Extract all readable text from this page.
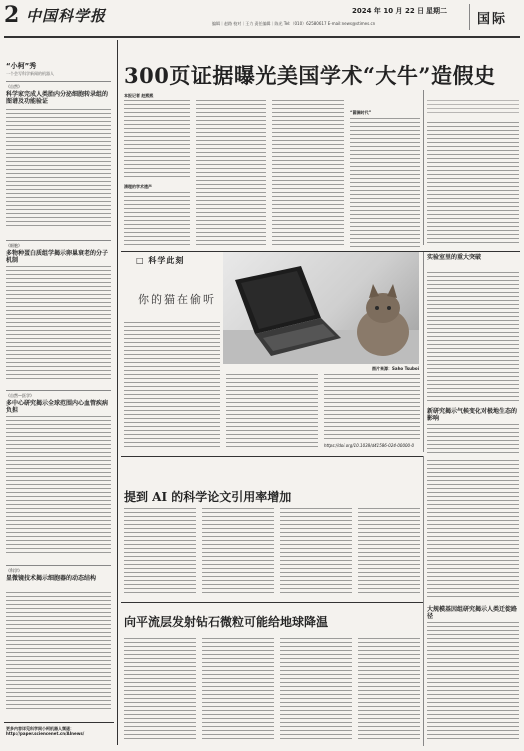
2 中国科学报	2024 年 10 月 22 日 星期二
国际
编辑｜赵路 校对｜王力 责任编辑｜陈光 Tel:（010）62580617 E-mail:news@stimes.cn
“小柯”秀
一个会写科学新闻的机器人
《自然》
科学家完成人类胎内分泌细胞转录组的图谱及功能验证
《细胞》
多物种蛋白质组学揭示卵巢衰老的分子机制
《自然—医学》
多中心研究揭示全球范围内心血管疾病负担
《科学》
显微镜技术揭示细胞器的动态结构
更多内容详见科学网小柯机器人频道：http://paper.sciencenet.cn/AInews/
300页证据曝光美国学术“大牛”造假史
本报记者 赵熙熙
清理的学术遗产
“圆满时代”
□ 科学此刻
你的猫在偷听
图片来源：Saho Tsuboi
https://doi.org/10.1038/d41586-024-00000-0
实验室里的重大突破
新研究揭示气候变化对极地生态的影响
提到 AI 的科学论文引用率增加
大规模基因组研究揭示人类迁徙路径
向平流层发射钻石微粒可能给地球降温
